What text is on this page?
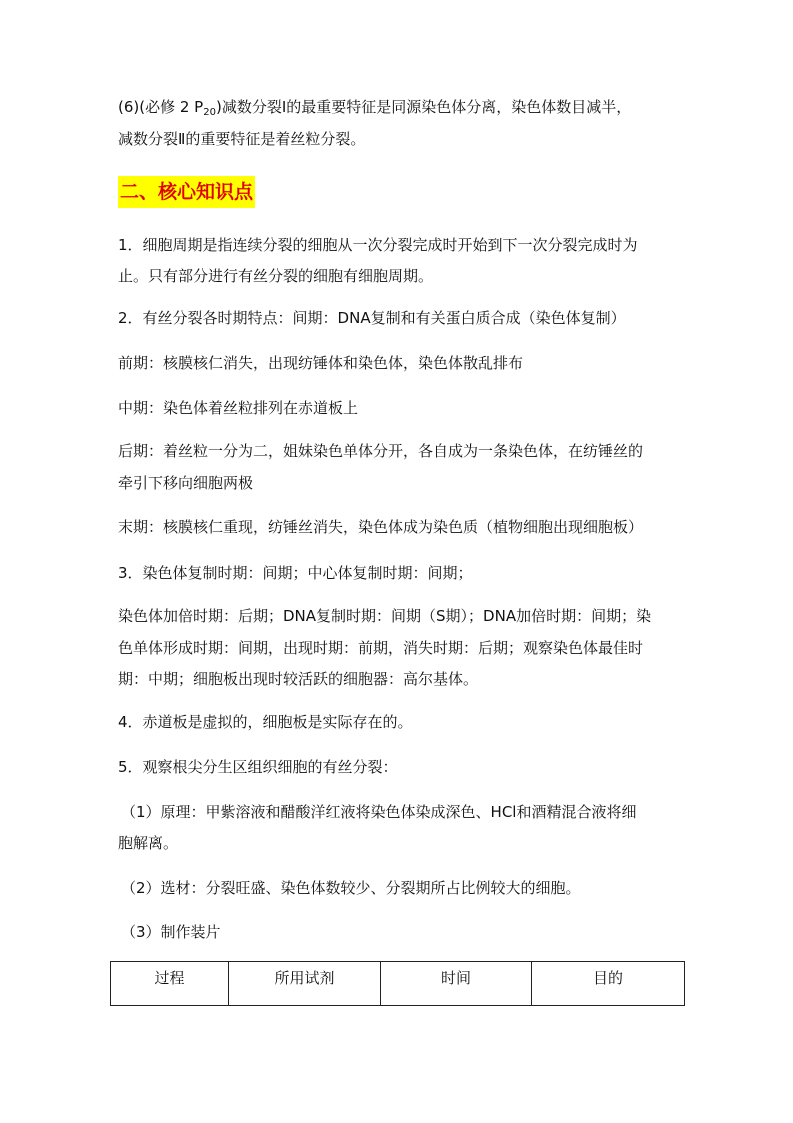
(6)(必修 2 $P_{20}$)减数分裂Ⅰ的最重要特征是同源染色体分离，染色体数目减半，

减数分裂Ⅱ的重要特征是着丝粒分裂。

二、核心知识点

1．细胞周期是指连续分裂的细胞从一次分裂完成时开始到下一次分裂完成时为

止。只有部分进行有丝分裂的细胞有细胞周期。

2．有丝分裂各时期特点：间期：DNA复制和有关蛋白质合成（染色体复制）

前期：核膜核仁消失，出现纺锤体和染色体，染色体散乱排布

中期：染色体着丝粒排列在赤道板上

后期：着丝粒一分为二，姐妹染色单体分开，各自成为一条染色体，在纺锤丝的

牵引下移向细胞两极

末期：核膜核仁重现，纺锤丝消失，染色体成为染色质（植物细胞出现细胞板）

3．染色体复制时期：间期；中心体复制时期：间期；

染色体加倍时期：后期；DNA复制时期：间期（S期）；DNA加倍时期：间期；染

色单体形成时期：间期，出现时期：前期，消失时期：后期；观察染色体最佳时

期：中期；细胞板出现时较活跃的细胞器：高尔基体。

4．赤道板是虚拟的，细胞板是实际存在的。

5．观察根尖分生区组织细胞的有丝分裂：

（1）原理：甲紫溶液和醋酸洋红液将染色体染成深色、HCl和酒精混合液将细

胞解离。

（2）选材：分裂旺盛、染色体数较少、分裂期所占比例较大的细胞。

（3）制作装片

过程	所用试剂	时间	目的
